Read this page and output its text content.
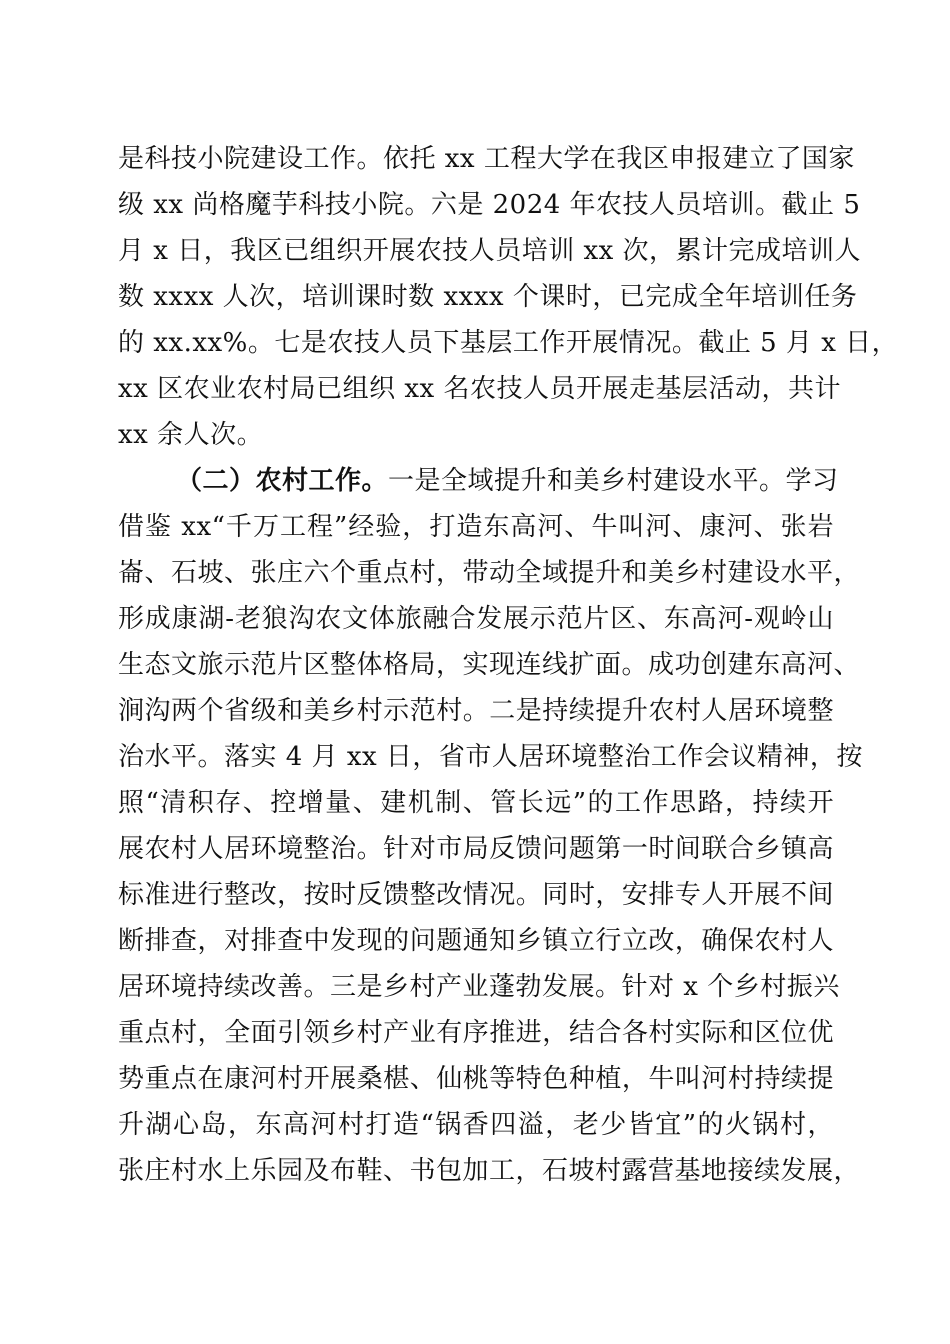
是科技小院建设工作。依托 xx 工程大学在我区申报建立了国家
级 xx 尚格魔芋科技小院。六是 2024 年农技人员培训。截止 5
月 x 日，我区已组织开展农技人员培训 xx 次，累计完成培训人
数 xxxx 人次，培训课时数 xxxx 个课时，已完成全年培训任务
的 xx.xx%。七是农技人员下基层工作开展情况。截止 5 月 x 日，
xx 区农业农村局已组织 xx 名农技人员开展走基层活动，共计
xx 余人次。
（二）农村工作。一是全域提升和美乡村建设水平。学习
借鉴 xx“千万工程”经验，打造东高河、牛叫河、康河、张岩
崙、石坡、张庄六个重点村，带动全域提升和美乡村建设水平，
形成康湖-老狼沟农文体旅融合发展示范片区、东高河-观岭山
生态文旅示范片区整体格局，实现连线扩面。成功创建东高河、
涧沟两个省级和美乡村示范村。二是持续提升农村人居环境整
治水平。落实 4 月 xx 日，省市人居环境整治工作会议精神，按
照“清积存、控增量、建机制、管长远”的工作思路，持续开
展农村人居环境整治。针对市局反馈问题第一时间联合乡镇高
标准进行整改，按时反馈整改情况。同时，安排专人开展不间
断排查，对排查中发现的问题通知乡镇立行立改，确保农村人
居环境持续改善。三是乡村产业蓬勃发展。针对 x 个乡村振兴
重点村，全面引领乡村产业有序推进，结合各村实际和区位优
势重点在康河村开展桑椹、仙桃等特色种植，牛叫河村持续提
升湖心岛，东高河村打造“锅香四溢，老少皆宜”的火锅村，
张庄村水上乐园及布鞋、书包加工，石坡村露营基地接续发展，
